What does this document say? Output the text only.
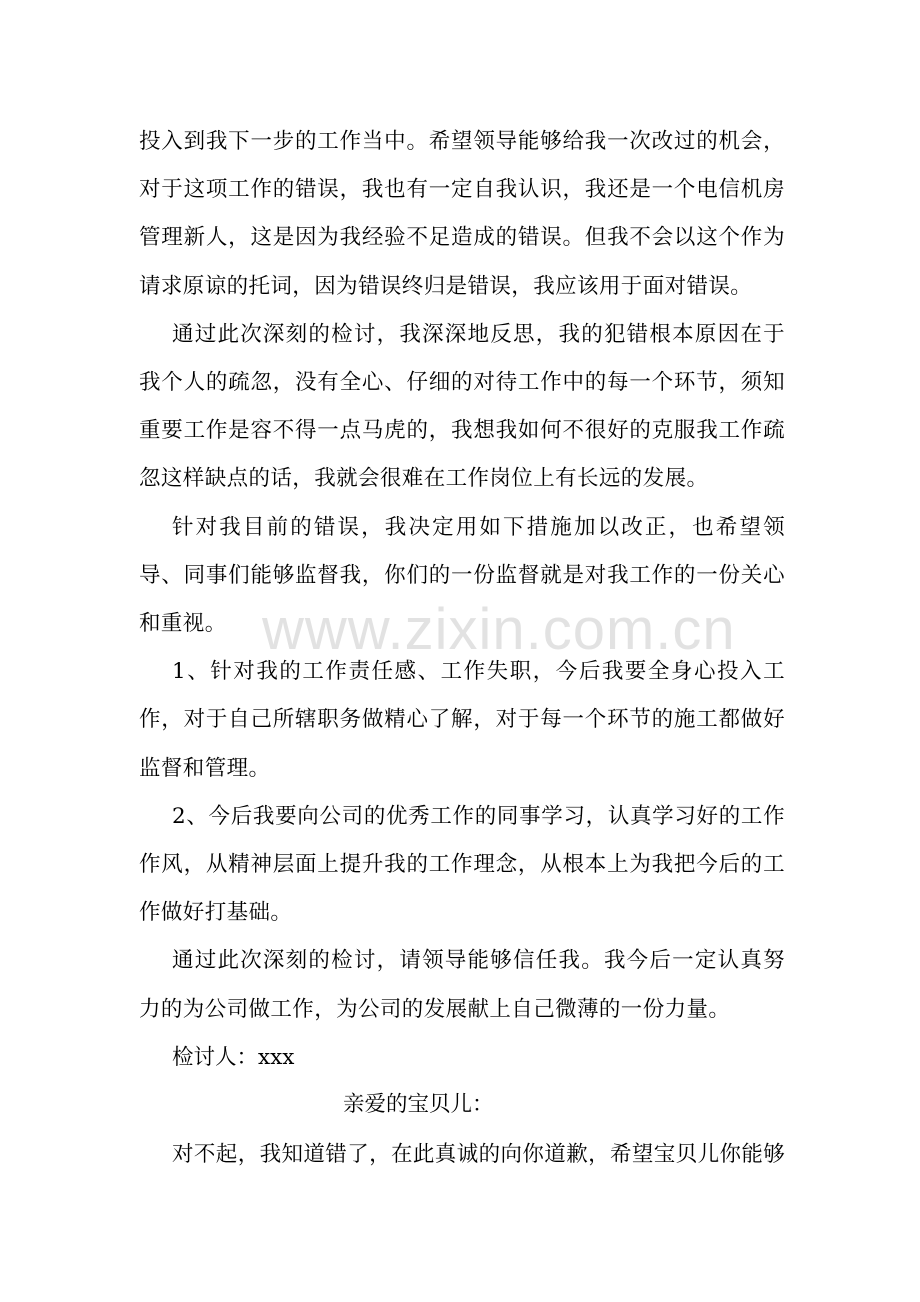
投入到我下一步的工作当中。希望领导能够给我一次改过的机会，对于这项工作的错误，我也有一定自我认识，我还是一个电信机房管理新人，这是因为我经验不足造成的错误。但我不会以这个作为请求原谅的托词，因为错误终归是错误，我应该用于面对错误。

通过此次深刻的检讨，我深深地反思，我的犯错根本原因在于我个人的疏忽，没有全心、仔细的对待工作中的每一个环节，须知重要工作是容不得一点马虎的，我想我如何不很好的克服我工作疏忽这样缺点的话，我就会很难在工作岗位上有长远的发展。

针对我目前的错误，我决定用如下措施加以改正，也希望领导、同事们能够监督我，你们的一份监督就是对我工作的一份关心和重视。

1、针对我的工作责任感、工作失职，今后我要全身心投入工作，对于自己所辖职务做精心了解，对于每一个环节的施工都做好监督和管理。

2、今后我要向公司的优秀工作的同事学习，认真学习好的工作作风，从精神层面上提升我的工作理念，从根本上为我把今后的工作做好打基础。

通过此次深刻的检讨，请领导能够信任我。我今后一定认真努力的为公司做工作，为公司的发展献上自己微薄的一份力量。

检讨人：xxx

亲爱的宝贝儿：

对不起，我知道错了，在此真诚的向你道歉，希望宝贝儿你能够

www.zixin.com.cn
